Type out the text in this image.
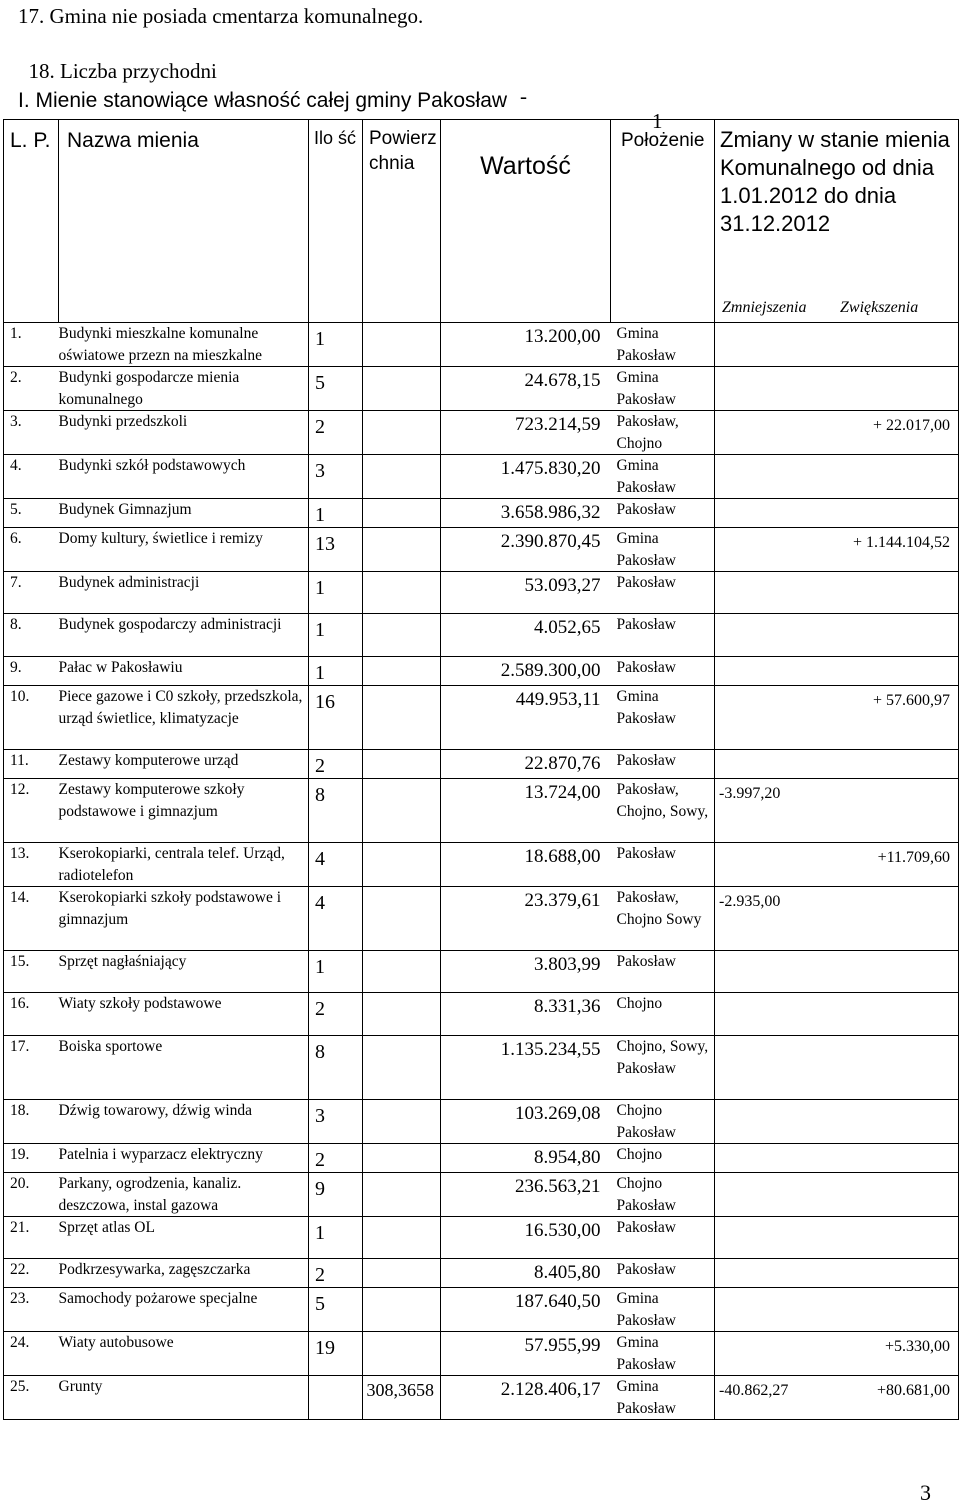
17. Gmina nie posiada cmentarza komunalnego.

18. Liczba przychodni

-

1

I. Mienie stanowiące własność całej gminy Pakosław
L. P.	Nazwa mienia	Ilo ść	Powierz chnia	Wartość	Położenie	Zmiany w stanie mienia Komunalnego od dnia 1.01.2012 do dnia 31.12.2012
Zmniejszenia Zwiększenia	

1.	Budynki mieszkalne komunalne oświatowe przezn na mieszkalne	1		13.200,00	Gmina Pakosław		
2.	Budynki gospodarcze mienia komunalnego	5		24.678,15	Gmina Pakosław		
3.	Budynki przedszkoli	2		723.214,59	Pakosław, Chojno		+ 22.017,00
4.	Budynki szkół podstawowych	3		1.475.830,20	Gmina Pakosław		
5.	Budynek Gimnazjum	1		3.658.986,32	Pakosław		
6.	Domy kultury, świetlice i remizy	13		2.390.870,45	Gmina Pakosław		+ 1.144.104,52
7.	Budynek administracji	1		53.093,27	Pakosław		
8.	Budynek gospodarczy administracji	1		4.052,65	Pakosław		
9.	Pałac w Pakosławiu	1		2.589.300,00	Pakosław		
10.	Piece gazowe i C0 szkoły, przedszkola, urząd świetlice, klimatyzacje	16		449.953,11	Gmina Pakosław		+ 57.600,97
11.	Zestawy komputerowe urząd	2		22.870,76	Pakosław		
12.	Zestawy komputerowe szkoły podstawowe i gimnazjum	8		13.724,00	Pakosław, Chojno, Sowy,	-3.997,20	
13.	Kserokopiarki, centrala telef. Urząd, radiotelefon	4		18.688,00	Pakosław		+11.709,60
14.	Kserokopiarki szkoły podstawowe i gimnazjum	4		23.379,61	Pakosław, Chojno Sowy	-2.935,00	
15.	Sprzęt nagłaśniający	1		3.803,99	Pakosław		
16.	Wiaty szkoły podstawowe	2		8.331,36	Chojno		
17.	Boiska sportowe	8		1.135.234,55	Chojno, Sowy, Pakosław		
18.	Dźwig towarowy, dźwig winda	3		103.269,08	Chojno Pakosław		
19.	Patelnia i wyparzacz elektryczny	2		8.954,80	Chojno		
20.	Parkany, ogrodzenia, kanaliz. deszczowa, instal gazowa	9		236.563,21	Chojno Pakosław		
21.	Sprzęt atlas OL	1		16.530,00	Pakosław		
22.	Podkrzesywarka, zagęszczarka	2		8.405,80	Pakosław		
23.	Samochody pożarowe specjalne	5		187.640,50	Gmina Pakosław		
24.	Wiaty autobusowe	19		57.955,99	Gmina Pakosław		+5.330,00
25.	Grunty		308,3658	2.128.406,17	Gmina Pakosław	-40.862,27	+80.681,00
3
